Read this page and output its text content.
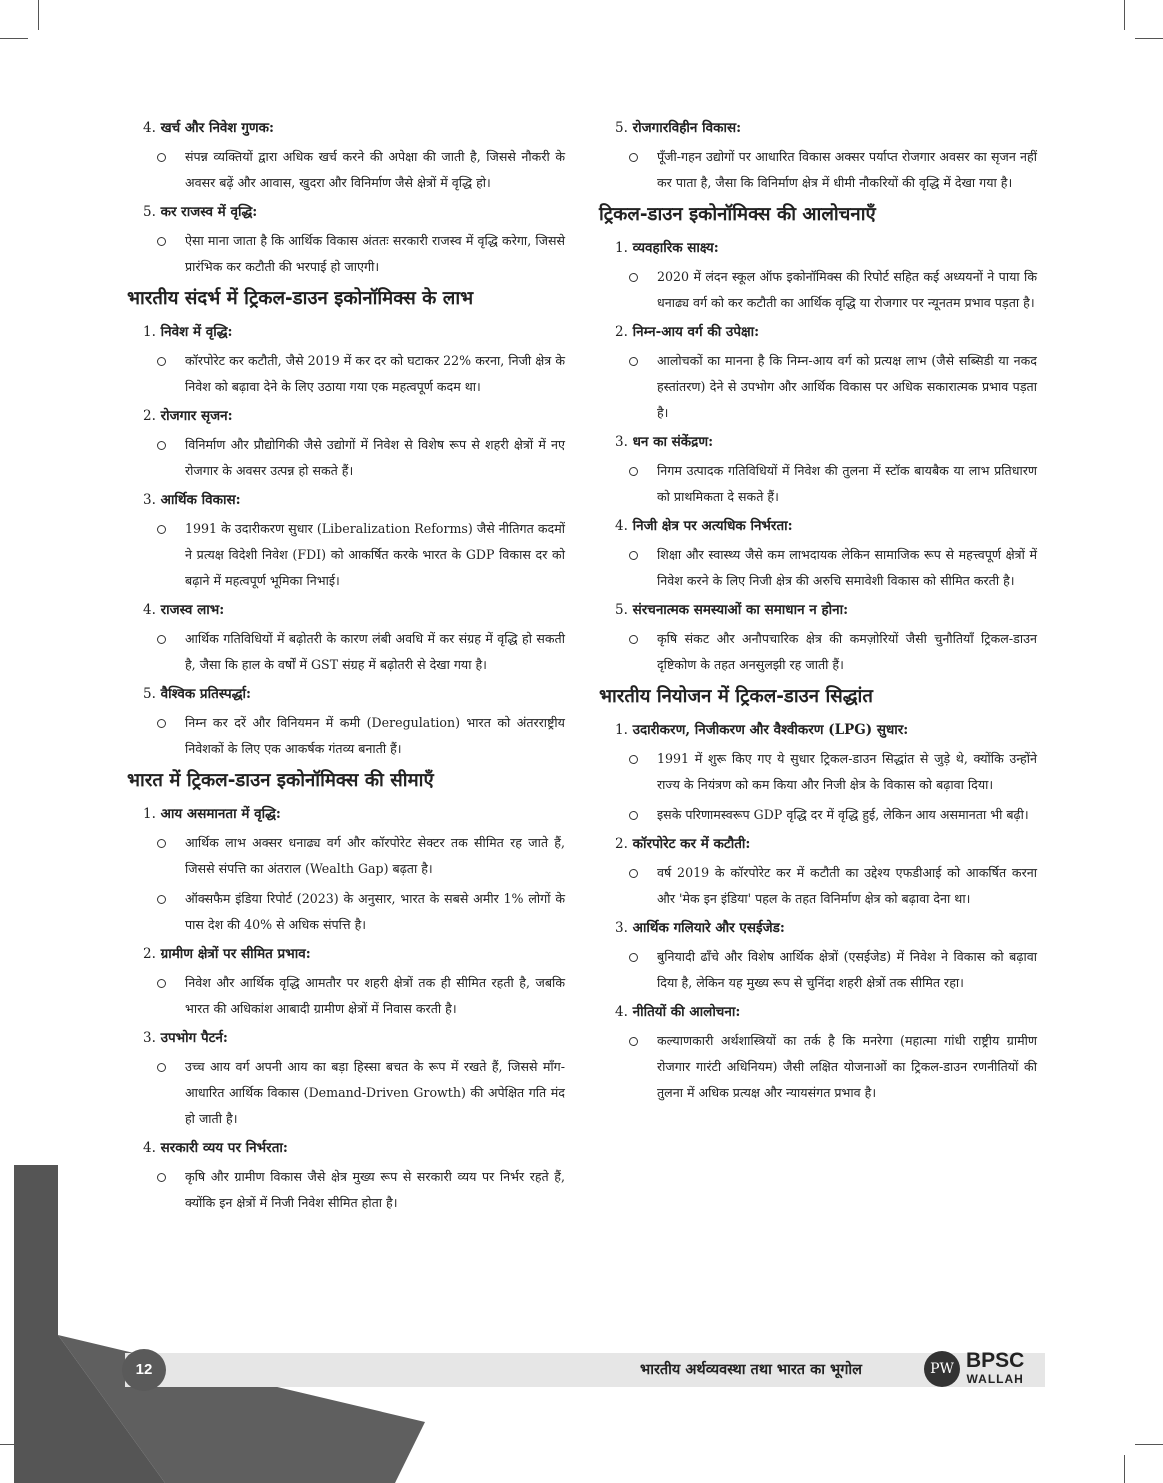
4. खर्च और निवेश गुणक:
संपन्न व्यक्तियों द्वारा अधिक खर्च करने की अपेक्षा की जाती है, जिससे नौकरी के अवसर बढ़ें और आवास, खुदरा और विनिर्माण जैसे क्षेत्रों में वृद्धि हो।
5. कर राजस्व में वृद्धि:
ऐसा माना जाता है कि आर्थिक विकास अंततः सरकारी राजस्व में वृद्धि करेगा, जिससे प्रारंभिक कर कटौती की भरपाई हो जाएगी।
भारतीय संदर्भ में ट्रिकल-डाउन इकोनॉमिक्स के लाभ
1. निवेश में वृद्धि:
कॉरपोरेट कर कटौती, जैसे 2019 में कर दर को घटाकर 22% करना, निजी क्षेत्र के निवेश को बढ़ावा देने के लिए उठाया गया एक महत्वपूर्ण कदम था।
2. रोजगार सृजन:
विनिर्माण और प्रौद्योगिकी जैसे उद्योगों में निवेश से विशेष रूप से शहरी क्षेत्रों में नए रोजगार के अवसर उत्पन्न हो सकते हैं।
3. आर्थिक विकास:
1991 के उदारीकरण सुधार (Liberalization Reforms) जैसे नीतिगत कदमों ने प्रत्यक्ष विदेशी निवेश (FDI) को आकर्षित करके भारत के GDP विकास दर को बढ़ाने में महत्वपूर्ण भूमिका निभाई।
4. राजस्व लाभ:
आर्थिक गतिविधियों में बढ़ोतरी के कारण लंबी अवधि में कर संग्रह में वृद्धि हो सकती है, जैसा कि हाल के वर्षों में GST संग्रह में बढ़ोतरी से देखा गया है।
5. वैश्विक प्रतिस्पर्द्धा:
निम्न कर दरें और विनियमन में कमी (Deregulation) भारत को अंतरराष्ट्रीय निवेशकों के लिए एक आकर्षक गंतव्य बनाती हैं।
भारत में ट्रिकल-डाउन इकोनॉमिक्स की सीमाएँ
1. आय असमानता में वृद्धि:
आर्थिक लाभ अक्सर धनाढ्य वर्ग और कॉरपोरेट सेक्टर तक सीमित रह जाते हैं, जिससे संपत्ति का अंतराल (Wealth Gap) बढ़ता है।
ऑक्सफैम इंडिया रिपोर्ट (2023) के अनुसार, भारत के सबसे अमीर 1% लोगों के पास देश की 40% से अधिक संपत्ति है।
2. ग्रामीण क्षेत्रों पर सीमित प्रभाव:
निवेश और आर्थिक वृद्धि आमतौर पर शहरी क्षेत्रों तक ही सीमित रहती है, जबकि भारत की अधिकांश आबादी ग्रामीण क्षेत्रों में निवास करती है।
3. उपभोग पैटर्न:
उच्च आय वर्ग अपनी आय का बड़ा हिस्सा बचत के रूप में रखते हैं, जिससे माँग-आधारित आर्थिक विकास (Demand-Driven Growth) की अपेक्षित गति मंद हो जाती है।
4. सरकारी व्यय पर निर्भरता:
कृषि और ग्रामीण विकास जैसे क्षेत्र मुख्य रूप से सरकारी व्यय पर निर्भर रहते हैं, क्योंकि इन क्षेत्रों में निजी निवेश सीमित होता है।
5. रोजगारविहीन विकास:
पूँजी-गहन उद्योगों पर आधारित विकास अक्सर पर्याप्त रोजगार अवसर का सृजन नहीं कर पाता है, जैसा कि विनिर्माण क्षेत्र में धीमी नौकरियों की वृद्धि में देखा गया है।
ट्रिकल-डाउन इकोनॉमिक्स की आलोचनाएँ
1. व्यवहारिक साक्ष्य:
2020 में लंदन स्कूल ऑफ इकोनॉमिक्स की रिपोर्ट सहित कई अध्ययनों ने पाया कि धनाढ्य वर्ग को कर कटौती का आर्थिक वृद्धि या रोजगार पर न्यूनतम प्रभाव पड़ता है।
2. निम्न-आय वर्ग की उपेक्षा:
आलोचकों का मानना है कि निम्न-आय वर्ग को प्रत्यक्ष लाभ (जैसे सब्सिडी या नकद हस्तांतरण) देने से उपभोग और आर्थिक विकास पर अधिक सकारात्मक प्रभाव पड़ता है।
3. धन का संकेंद्रण:
निगम उत्पादक गतिविधियों में निवेश की तुलना में स्टॉक बायबैक या लाभ प्रतिधारण को प्राथमिकता दे सकते हैं।
4. निजी क्षेत्र पर अत्यधिक निर्भरता:
शिक्षा और स्वास्थ्य जैसे कम लाभदायक लेकिन सामाजिक रूप से महत्त्वपूर्ण क्षेत्रों में निवेश करने के लिए निजी क्षेत्र की अरुचि समावेशी विकास को सीमित करती है।
5. संरचनात्मक समस्याओं का समाधान न होना:
कृषि संकट और अनौपचारिक क्षेत्र की कमज़ोरियों जैसी चुनौतियाँ ट्रिकल-डाउन दृष्टिकोण के तहत अनसुलझी रह जाती हैं।
भारतीय नियोजन में ट्रिकल-डाउन सिद्धांत
1. उदारीकरण, निजीकरण और वैश्वीकरण (LPG) सुधार:
1991 में शुरू किए गए ये सुधार ट्रिकल-डाउन सिद्धांत से जुड़े थे, क्योंकि उन्होंने राज्य के नियंत्रण को कम किया और निजी क्षेत्र के विकास को बढ़ावा दिया।
इसके परिणामस्वरूप GDP वृद्धि दर में वृद्धि हुई, लेकिन आय असमानता भी बढ़ी।
2. कॉरपोरेट कर में कटौती:
वर्ष 2019 के कॉरपोरेट कर में कटौती का उद्देश्य एफडीआई को आकर्षित करना और 'मेक इन इंडिया' पहल के तहत विनिर्माण क्षेत्र को बढ़ावा देना था।
3. आर्थिक गलियारे और एसईजेड:
बुनियादी ढाँचे और विशेष आर्थिक क्षेत्रों (एसईजेड) में निवेश ने विकास को बढ़ावा दिया है, लेकिन यह मुख्य रूप से चुनिंदा शहरी क्षेत्रों तक सीमित रहा।
4. नीतियों की आलोचना:
कल्याणकारी अर्थशास्त्रियों का तर्क है कि मनरेगा (महात्मा गांधी राष्ट्रीय ग्रामीण रोजगार गारंटी अधिनियम) जैसी लक्षित योजनाओं का ट्रिकल-डाउन रणनीतियों की तुलना में अधिक प्रत्यक्ष और न्यायसंगत प्रभाव है।
12	भारतीय अर्थव्यवस्था तथा भारत का भूगोल	PW BPSC
WALLAH
